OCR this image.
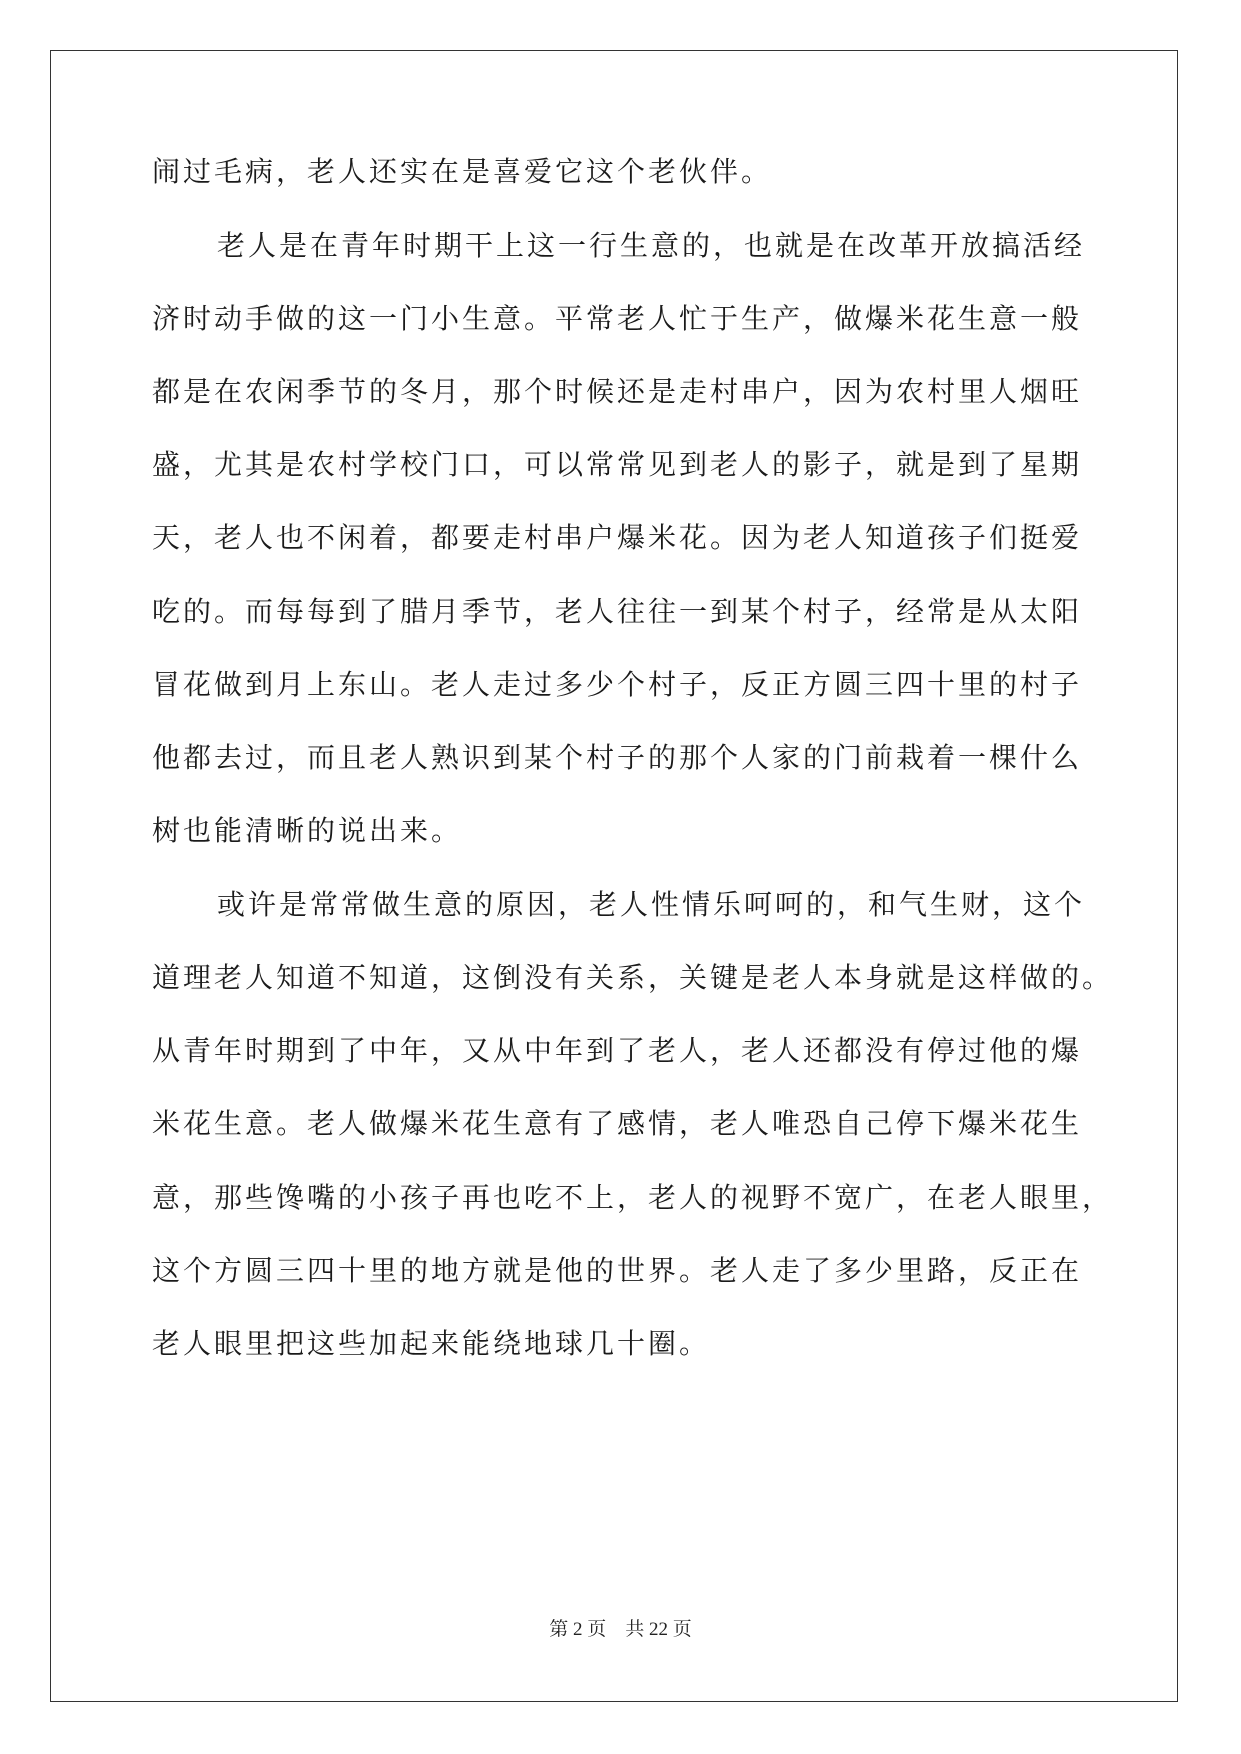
闹过毛病，老人还实在是喜爱它这个老伙伴。

老人是在青年时期干上这一行生意的，也就是在改革开放搞活经

济时动手做的这一门小生意。平常老人忙于生产，做爆米花生意一般

都是在农闲季节的冬月，那个时候还是走村串户，因为农村里人烟旺

盛，尤其是农村学校门口，可以常常见到老人的影子，就是到了星期

天，老人也不闲着，都要走村串户爆米花。因为老人知道孩子们挺爱

吃的。而每每到了腊月季节，老人往往一到某个村子，经常是从太阳

冒花做到月上东山。老人走过多少个村子，反正方圆三四十里的村子

他都去过，而且老人熟识到某个村子的那个人家的门前栽着一棵什么

树也能清晰的说出来。

或许是常常做生意的原因，老人性情乐呵呵的，和气生财，这个

道理老人知道不知道，这倒没有关系，关键是老人本身就是这样做的。

从青年时期到了中年，又从中年到了老人，老人还都没有停过他的爆

米花生意。老人做爆米花生意有了感情，老人唯恐自己停下爆米花生

意，那些馋嘴的小孩子再也吃不上，老人的视野不宽广，在老人眼里，

这个方圆三四十里的地方就是他的世界。老人走了多少里路，反正在

老人眼里把这些加起来能绕地球几十圈。

第 2 页    共 22 页
